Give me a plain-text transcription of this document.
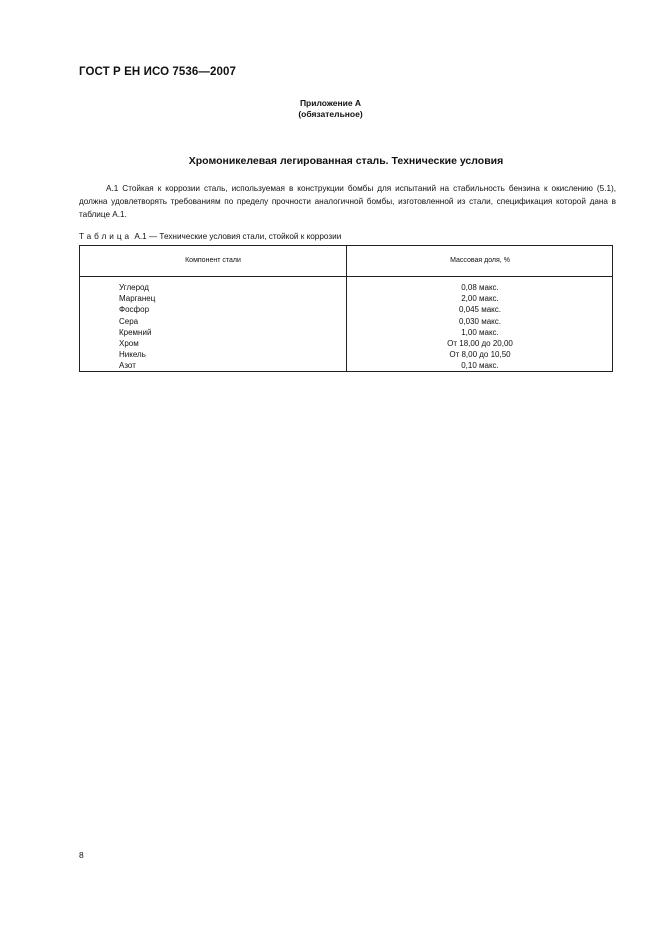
ГОСТ Р ЕН ИСО 7536—2007
Приложение А
(обязательное)
Хромоникелевая легированная сталь. Технические условия
А.1 Стойкая к коррозии сталь, используемая в конструкции бомбы для испытаний на стабильность бензина к окислению (5.1), должна удовлетворять требованиям по пределу прочности аналогичной бомбы, изготовленной из стали, спецификация которой дана в таблице А.1.
Таблица А.1 — Технические условия стали, стойкой к коррозии
Компонент стали	Массовая доля, %
Углерод	0,08 макс.
Марганец	2,00 макс.
Фосфор	0,045 макс.
Сера	0,030 макс.
Кремний	1,00 макс.
Хром	От 18,00 до 20,00
Никель	От 8,00 до 10,50
Азот	0,10 макс.
8
